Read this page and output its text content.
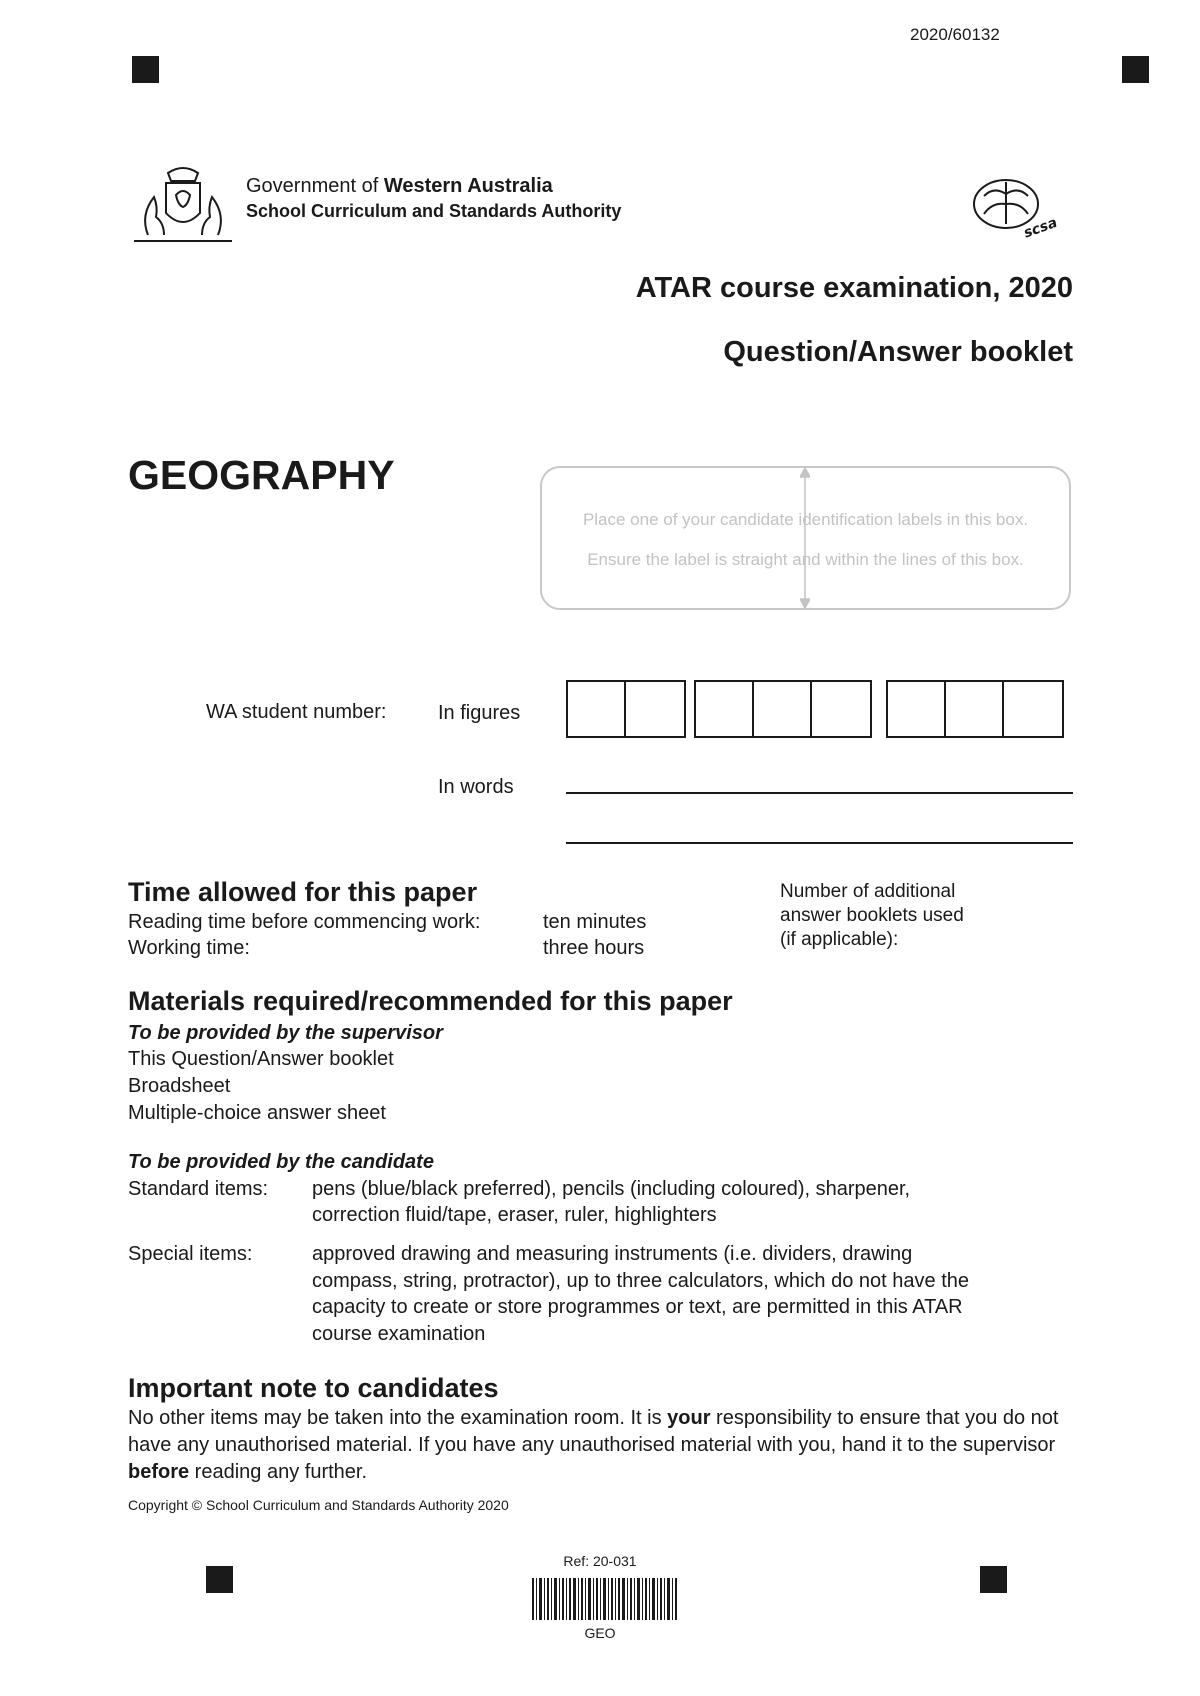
2020/60132
Government of Western Australia
School Curriculum and Standards Authority
scsa
ATAR course examination, 2020
Question/Answer booklet
GEOGRAPHY
Place one of your candidate identification labels in this box.
Ensure the label is straight and within the lines of this box.
WA student number:	In figures
In words
Time allowed for this paper
Reading time before commencing work:	ten minutes
Working time:	three hours
Number of additional
answer booklets used
(if applicable):
Materials required/recommended for this paper
To be provided by the supervisor
This Question/Answer booklet
Broadsheet
Multiple-choice answer sheet
To be provided by the candidate
Standard items: pens (blue/black preferred), pencils (including coloured), sharpener,
correction fluid/tape, eraser, ruler, highlighters
Special items:	approved drawing and measuring instruments (i.e. dividers, drawing
compass, string, protractor), up to three calculators, which do not have the
capacity to create or store programmes or text, are permitted in this ATAR
course examination
Important note to candidates
No other items may be taken into the examination room. It is your responsibility to ensure that you do not have any unauthorised material. If you have any unauthorised material with you, hand it to the supervisor before reading any further.
Copyright © School Curriculum and Standards Authority 2020
Ref: 20-031
GEO
